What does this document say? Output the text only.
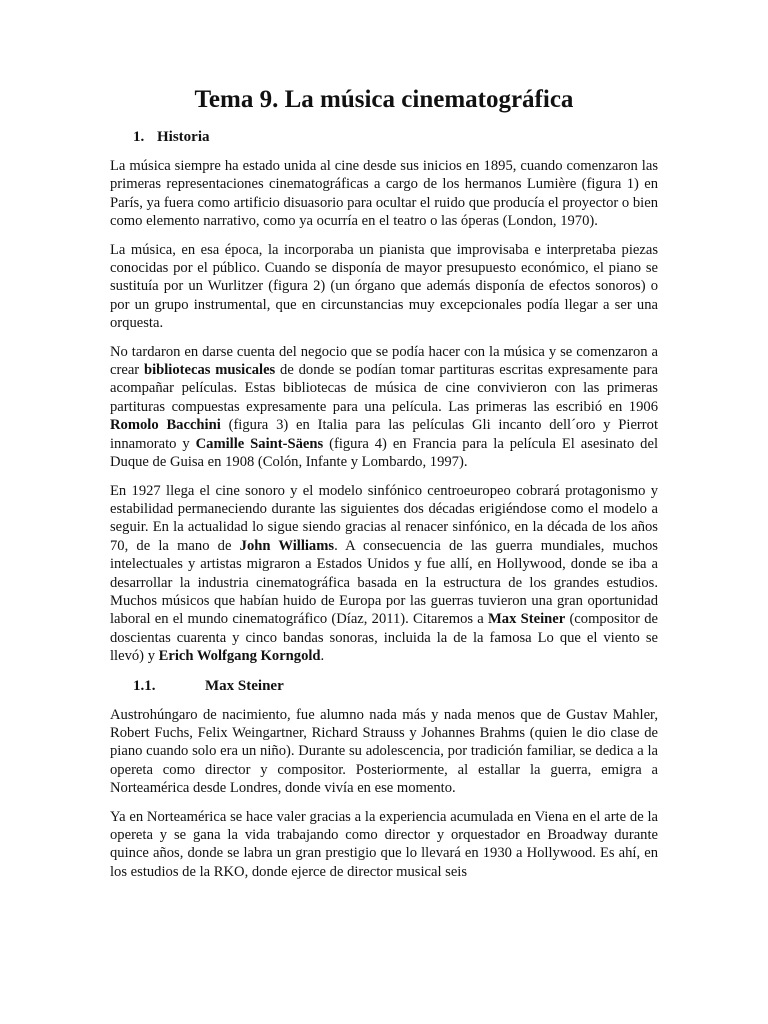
Tema 9. La música cinematográfica
1. Historia

La música siempre ha estado unida al cine desde sus inicios en 1895, cuando comenzaron las primeras representaciones cinematográficas a cargo de los hermanos Lumière (figura 1) en París, ya fuera como artificio disuasorio para ocultar el ruido que producía el proyector o bien como elemento narrativo, como ya ocurría en el teatro o las óperas (London, 1970).

La música, en esa época, la incorporaba un pianista que improvisaba e interpretaba piezas conocidas por el público. Cuando se disponía de mayor presupuesto económico, el piano se sustituía por un Wurlitzer (figura 2) (un órgano que además disponía de efectos sonoros) o por un grupo instrumental, que en circunstancias muy excepcionales podía llegar a ser una orquesta.

No tardaron en darse cuenta del negocio que se podía hacer con la música y se comenzaron a crear bibliotecas musicales de donde se podían tomar partituras escritas expresamente para acompañar películas. Estas bibliotecas de música de cine convivieron con las primeras partituras compuestas expresamente para una película. Las primeras las escribió en 1906 Romolo Bacchini (figura 3) en Italia para las películas Gli incanto dell´oro y Pierrot innamorato y Camille Saint-Säens (figura 4) en Francia para la película El asesinato del Duque de Guisa en 1908 (Colón, Infante y Lombardo, 1997).

En 1927 llega el cine sonoro y el modelo sinfónico centroeuropeo cobrará protagonismo y estabilidad permaneciendo durante las siguientes dos décadas erigiéndose como el modelo a seguir. En la actualidad lo sigue siendo gracias al renacer sinfónico, en la década de los años 70, de la mano de John Williams. A consecuencia de las guerra mundiales, muchos intelectuales y artistas migraron a Estados Unidos y fue allí, en Hollywood, donde se iba a desarrollar la industria cinematográfica basada en la estructura de los grandes estudios. Muchos músicos que habían huido de Europa por las guerras tuvieron una gran oportunidad laboral en el mundo cinematográfico (Díaz, 2011). Citaremos a Max Steiner (compositor de doscientas cuarenta y cinco bandas sonoras, incluida la de la famosa Lo que el viento se llevó) y Erich Wolfgang Korngold.

1.1.	Max Steiner

Austrohúngaro de nacimiento, fue alumno nada más y nada menos que de Gustav Mahler, Robert Fuchs, Felix Weingartner, Richard Strauss y Johannes Brahms (quien le dio clase de piano cuando solo era un niño). Durante su adolescencia, por tradición familiar, se dedica a la opereta como director y compositor. Posteriormente, al estallar la guerra, emigra a Norteamérica desde Londres, donde vivía en ese momento.

Ya en Norteamérica se hace valer gracias a la experiencia acumulada en Viena en el arte de la opereta y se gana la vida trabajando como director y orquestador en Broadway durante quince años, donde se labra un gran prestigio que lo llevará en 1930 a Hollywood. Es ahí, en los estudios de la RKO, donde ejerce de director musical seis
